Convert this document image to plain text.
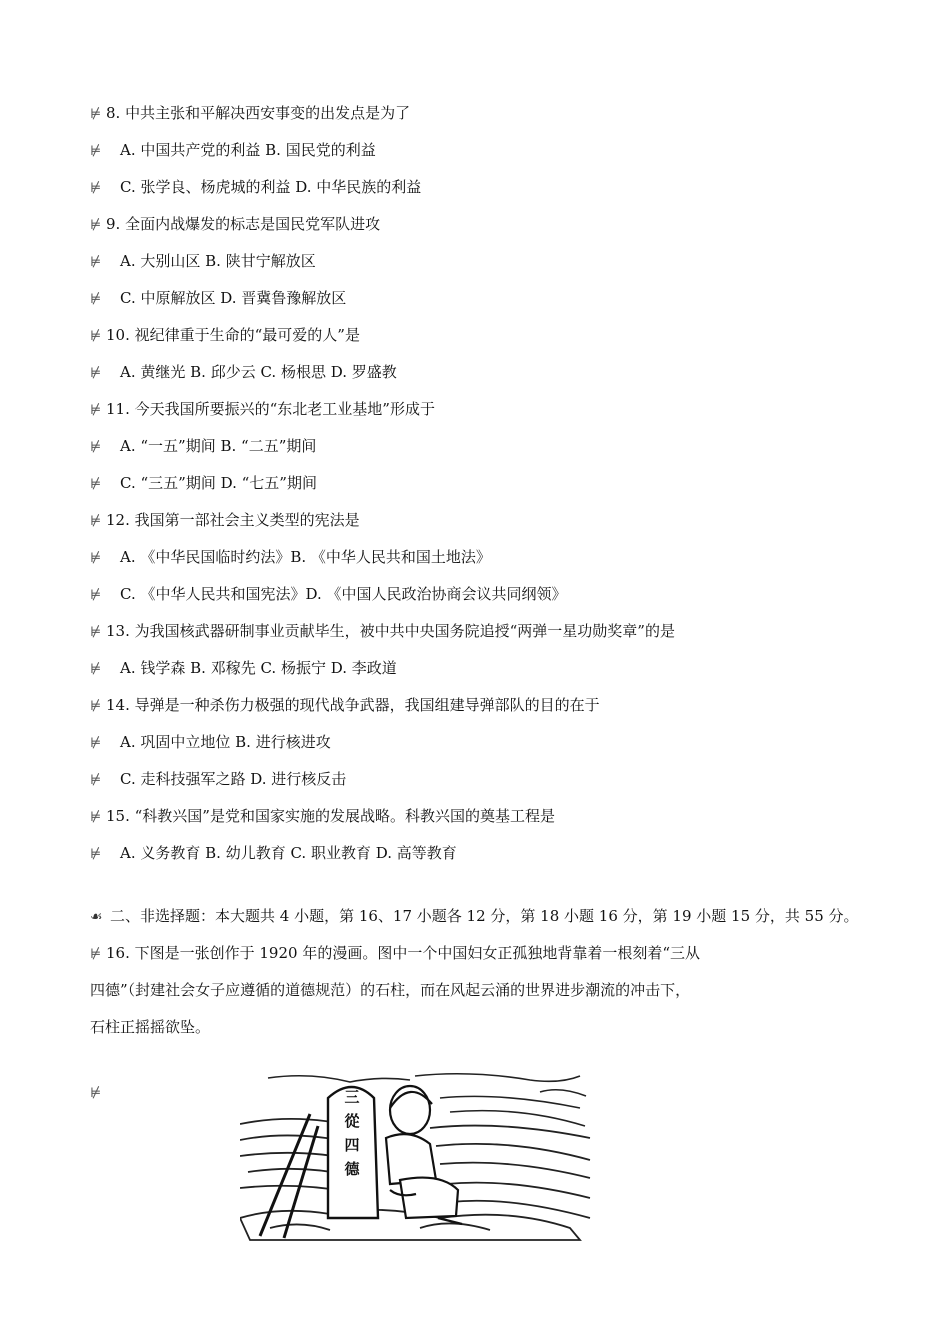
⊭ 8. 中共主张和平解决西安事变的出发点是为了
⊭ A. 中国共产党的利益 B. 国民党的利益
⊭ C. 张学良、杨虎城的利益 D. 中华民族的利益
⊭ 9. 全面内战爆发的标志是国民党军队进攻
⊭ A. 大别山区 B. 陕甘宁解放区
⊭ C. 中原解放区 D. 晋冀鲁豫解放区
⊭ 10. 视纪律重于生命的“最可爱的人”是
⊭ A. 黄继光 B. 邱少云 C. 杨根思 D. 罗盛教
⊭ 11. 今天我国所要振兴的“东北老工业基地”形成于
⊭ A. “一五”期间 B. “二五”期间
⊭ C. “三五”期间 D. “七五”期间
⊭ 12. 我国第一部社会主义类型的宪法是
⊭ A. 《中华民国临时约法》B. 《中华人民共和国土地法》
⊭ C. 《中华人民共和国宪法》D. 《中国人民政治协商会议共同纲领》
⊭ 13. 为我国核武器研制事业贡献毕生，被中共中央国务院追授“两弹一星功勋奖章”的是
⊭ A. 钱学森 B. 邓稼先 C. 杨振宁 D. 李政道
⊭ 14. 导弹是一种杀伤力极强的现代战争武器，我国组建导弹部队的目的在于
⊭ A. 巩固中立地位 B. 进行核进攻
⊭ C. 走科技强军之路 D. 进行核反击
⊭ 15. “科教兴国”是党和国家实施的发展战略。科教兴国的奠基工程是
⊭ A. 义务教育 B. 幼儿教育 C. 职业教育 D. 高等教育
☙ 二、非选择题：本大题共 4 小题，第 16、17 小题各 12 分，第 18 小题 16 分，第 19 小题 15 分，共 55 分。
⊭ 16. 下图是一张创作于 1920 年的漫画。图中一个中国妇女正孤独地背靠着一根刻着“三从
四德”（封建社会女子应遵循的道德规范）的石柱，而在风起云涌的世界进步潮流的冲击下，
石柱正摇摇欲坠。
⊭	三
從
四
德
